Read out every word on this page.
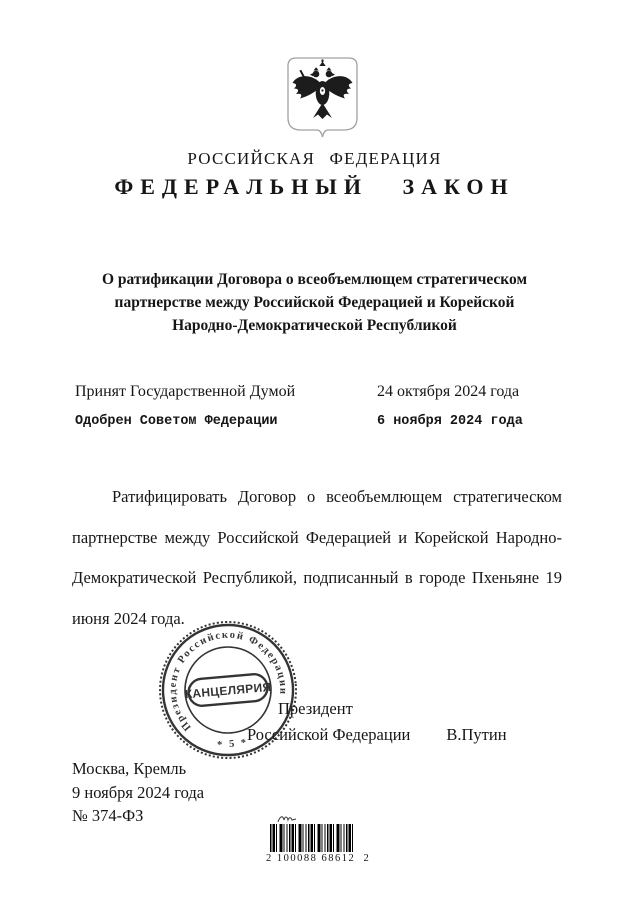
РОССИЙСКАЯ ФЕДЕРАЦИЯ
ФЕДЕРАЛЬНЫЙ ЗАКОН
О ратификации Договора о всеобъемлющем стратегическом
партнерстве между Российской Федерацией и Корейской
Народно-Демократической Республикой
Принят Государственной Думой	24 октября 2024 года
Одобрен Советом Федерации	6 ноября 2024 года
Ратифицировать Договор о всеобъемлющем стратегическом партнерстве между Российской Федерацией и Корейской Народно-Демократической Республикой, подписанный в городе Пхеньяне 19 июня 2024 года.
Президент
Российской Федерации В.Путин
Президент Российской Федерации
* 5 *
КАНЦЕЛЯРИЯ
Москва, Кремль
9 ноября 2024 года
№ 374-ФЗ
2 100088 68612  2
